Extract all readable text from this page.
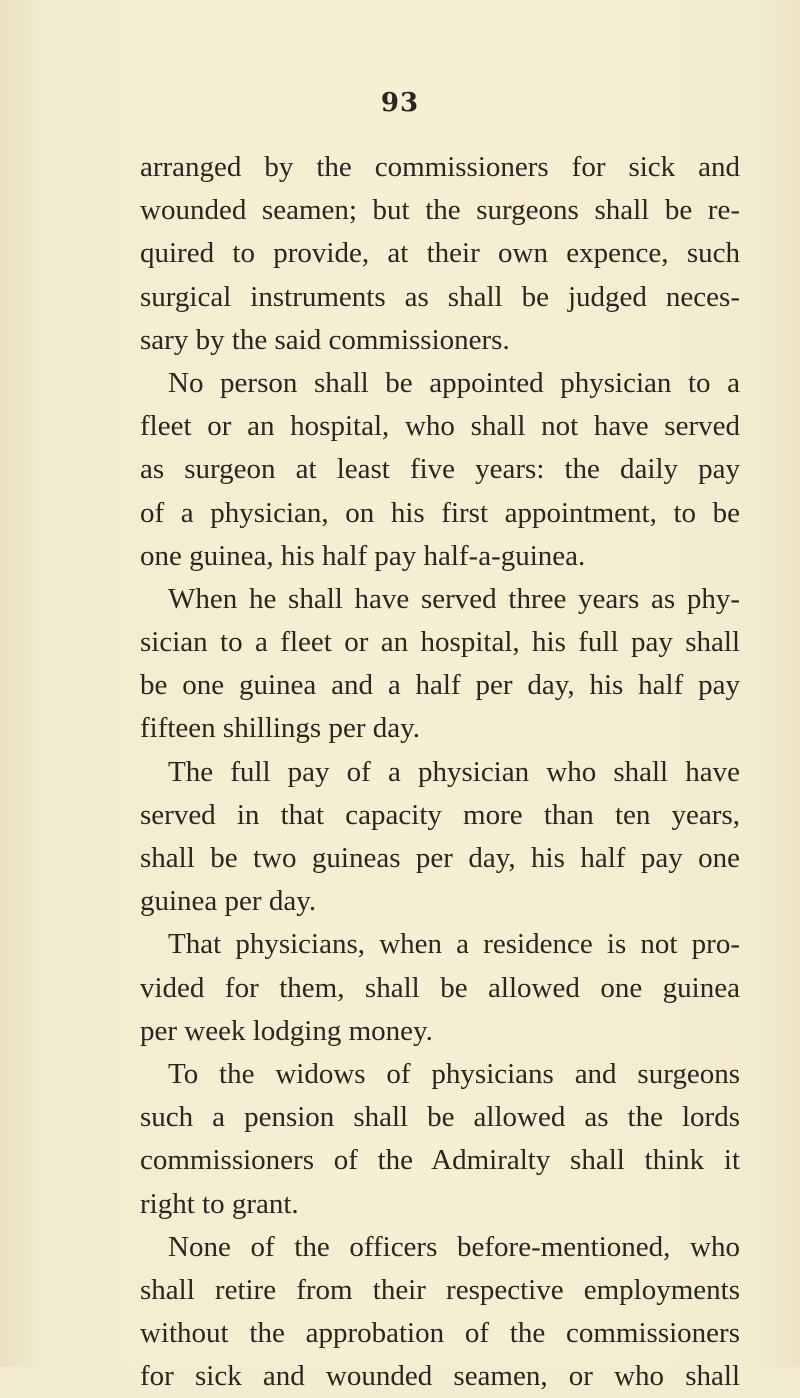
93
arranged by the commissioners for sick and
wounded seamen; but the surgeons shall be re-
quired to provide, at their own expence, such
surgical instruments as shall be judged neces-
sary by the said commissioners.
No person shall be appointed physician to a
fleet or an hospital, who shall not have served
as surgeon at least five years: the daily pay
of a physician, on his first appointment, to be
one guinea, his half pay half-a-guinea.
When he shall have served three years as phy-
sician to a fleet or an hospital, his full pay shall
be one guinea and a half per day, his half pay
fifteen shillings per day.
The full pay of a physician who shall have
served in that capacity more than ten years,
shall be two guineas per day, his half pay one
guinea per day.
That physicians, when a residence is not pro-
vided for them, shall be allowed one guinea
per week lodging money.
To the widows of physicians and surgeons
such a pension shall be allowed as the lords
commissioners of the Admiralty shall think it
right to grant.
None of the officers before-mentioned, who
shall retire from their respective employments
without the approbation of the commissioners
for sick and wounded seamen, or who shall
